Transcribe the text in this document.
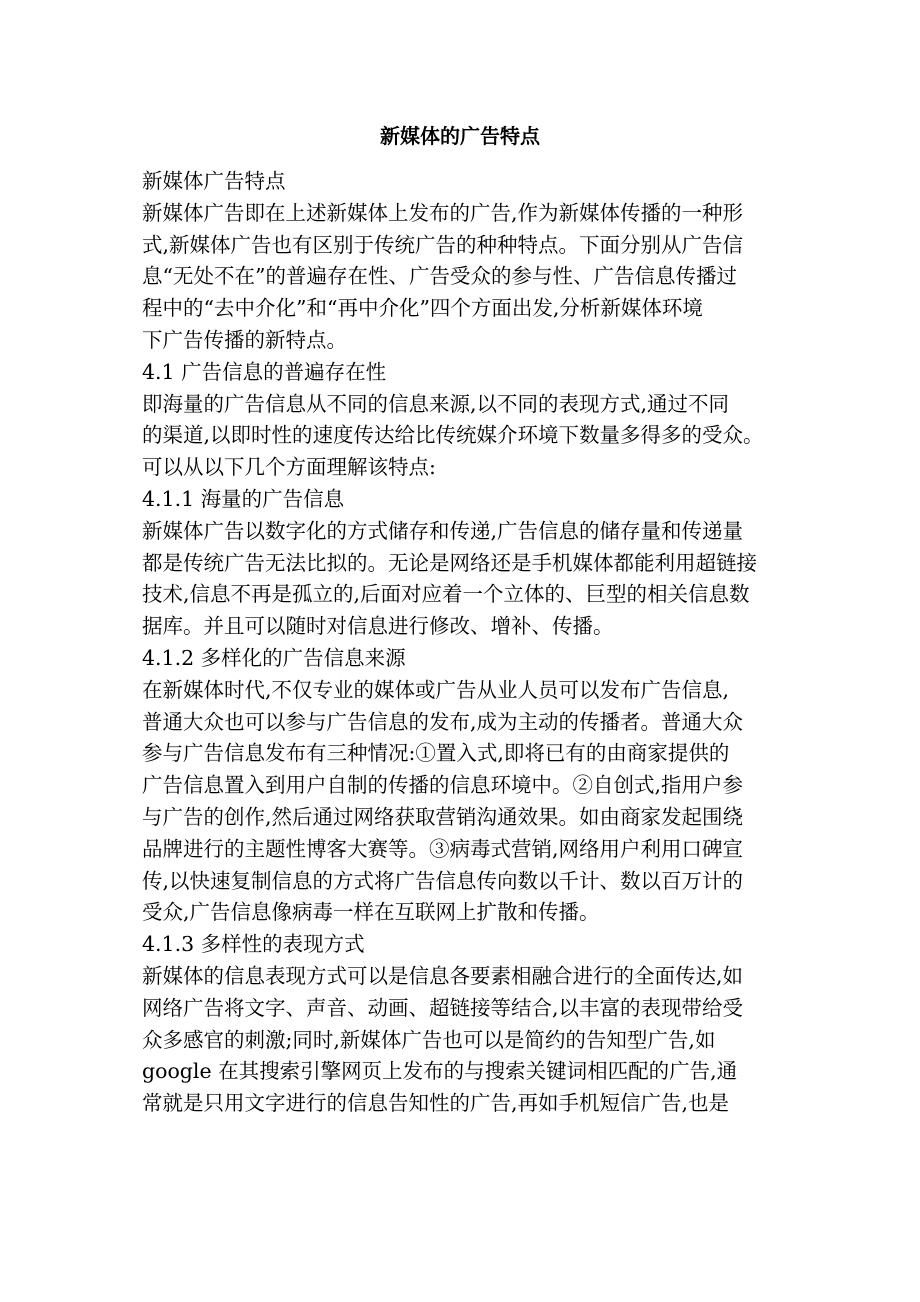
新媒体的广告特点
新媒体广告特点
新媒体广告即在上述新媒体上发布的广告,作为新媒体传播的一种形
式,新媒体广告也有区别于传统广告的种种特点。下面分别从广告信
息“无处不在”的普遍存在性、广告受众的参与性、广告信息传播过
程中的“去中介化”和“再中介化”四个方面出发,分析新媒体环境
下广告传播的新特点。
4.1 广告信息的普遍存在性
即海量的广告信息从不同的信息来源,以不同的表现方式,通过不同
的渠道,以即时性的速度传达给比传统媒介环境下数量多得多的受众。
可以从以下几个方面理解该特点:
4.1.1 海量的广告信息
新媒体广告以数字化的方式储存和传递,广告信息的储存量和传递量
都是传统广告无法比拟的。无论是网络还是手机媒体都能利用超链接
技术,信息不再是孤立的,后面对应着一个立体的、巨型的相关信息数
据库。并且可以随时对信息进行修改、增补、传播。
4.1.2 多样化的广告信息来源
在新媒体时代,不仅专业的媒体或广告从业人员可以发布广告信息,
普通大众也可以参与广告信息的发布,成为主动的传播者。普通大众
参与广告信息发布有三种情况:①置入式,即将已有的由商家提供的
广告信息置入到用户自制的传播的信息环境中。②自创式,指用户参
与广告的创作,然后通过网络获取营销沟通效果。如由商家发起围绕
品牌进行的主题性博客大赛等。③病毒式营销,网络用户利用口碑宣
传,以快速复制信息的方式将广告信息传向数以千计、数以百万计的
受众,广告信息像病毒一样在互联网上扩散和传播。
4.1.3 多样性的表现方式
新媒体的信息表现方式可以是信息各要素相融合进行的全面传达,如
网络广告将文字、声音、动画、超链接等结合,以丰富的表现带给受
众多感官的刺激;同时,新媒体广告也可以是简约的告知型广告,如
google 在其搜索引擎网页上发布的与搜索关键词相匹配的广告,通
常就是只用文字进行的信息告知性的广告,再如手机短信广告,也是
